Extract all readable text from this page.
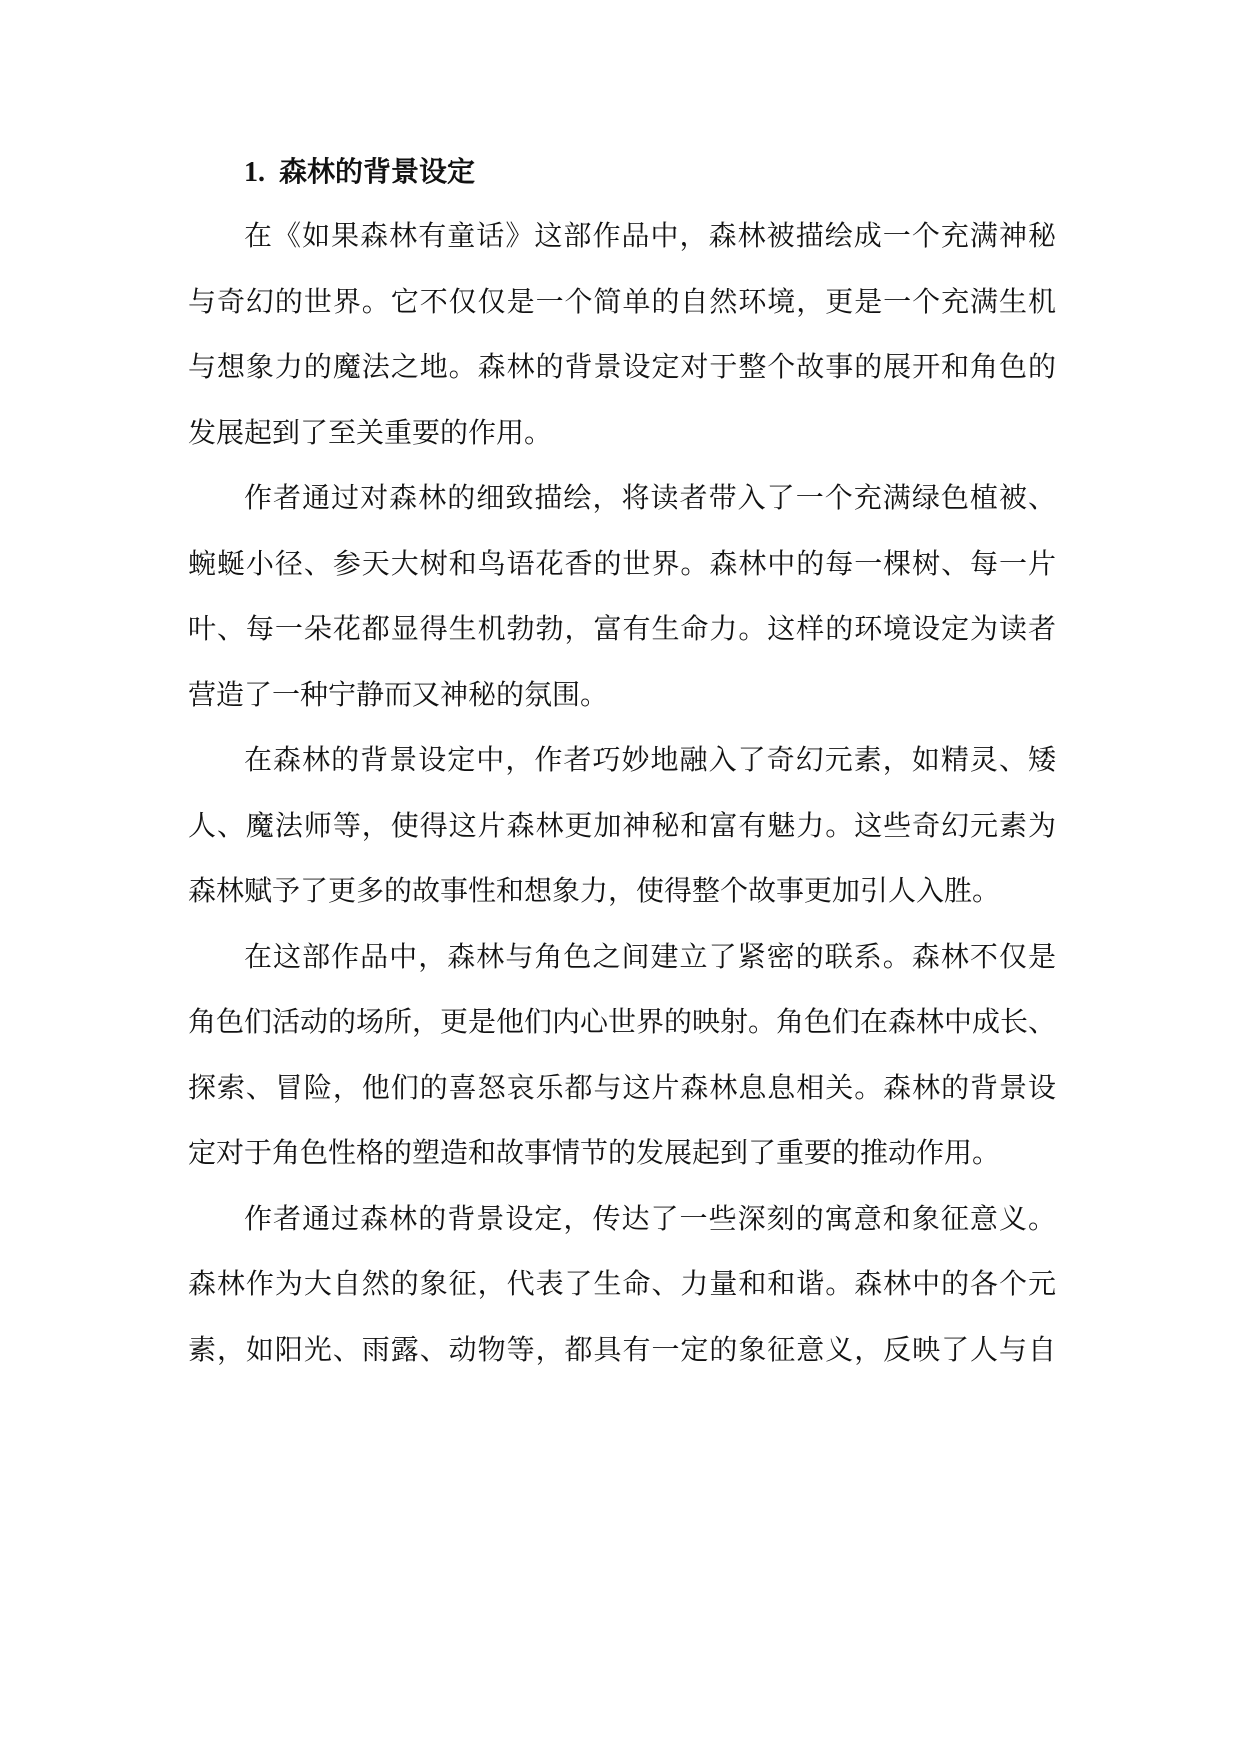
1. 森林的背景设定
在《如果森林有童话》这部作品中，森林被描绘成一个充满神秘
与奇幻的世界。它不仅仅是一个简单的自然环境，更是一个充满生机
与想象力的魔法之地。森林的背景设定对于整个故事的展开和角色的
发展起到了至关重要的作用。
作者通过对森林的细致描绘，将读者带入了一个充满绿色植被、
蜿蜒小径、参天大树和鸟语花香的世界。森林中的每一棵树、每一片
叶、每一朵花都显得生机勃勃，富有生命力。这样的环境设定为读者
营造了一种宁静而又神秘的氛围。
在森林的背景设定中，作者巧妙地融入了奇幻元素，如精灵、矮
人、魔法师等，使得这片森林更加神秘和富有魅力。这些奇幻元素为
森林赋予了更多的故事性和想象力，使得整个故事更加引人入胜。
在这部作品中，森林与角色之间建立了紧密的联系。森林不仅是
角色们活动的场所，更是他们内心世界的映射。角色们在森林中成长、
探索、冒险，他们的喜怒哀乐都与这片森林息息相关。森林的背景设
定对于角色性格的塑造和故事情节的发展起到了重要的推动作用。
作者通过森林的背景设定，传达了一些深刻的寓意和象征意义。
森林作为大自然的象征，代表了生命、力量和和谐。森林中的各个元
素，如阳光、雨露、动物等，都具有一定的象征意义，反映了人与自
